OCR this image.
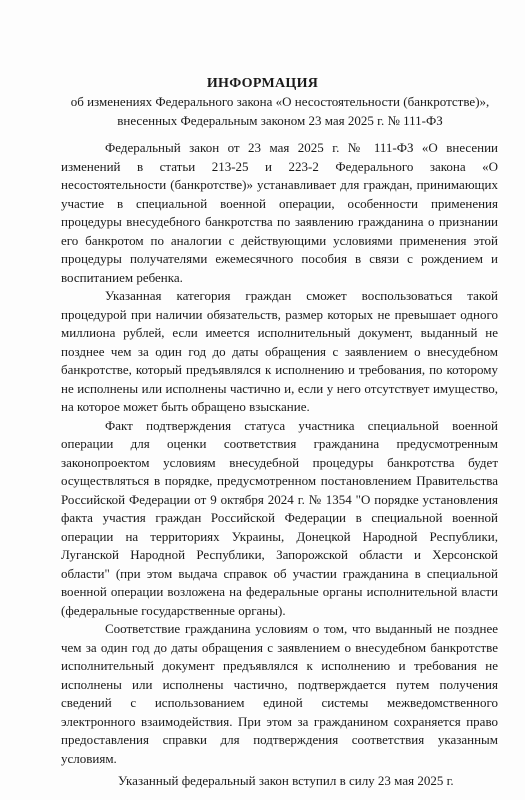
ИНФОРМАЦИЯ
об изменениях Федерального закона «О несостоятельности (банкротстве)», внесенных Федеральным законом 23 мая 2025 г. № 111-ФЗ

Федеральный закон от 23 мая 2025 г. № 111-ФЗ «О внесении изменений в статьи 213-25 и 223-2 Федерального закона «О несостоятельности (банкротстве)» устанавливает для граждан, принимающих участие в специальной военной операции, особенности применения процедуры внесудебного банкротства по заявлению гражданина о признании его банкротом по аналогии с действующими условиями применения этой процедуры получателями ежемесячного пособия в связи с рождением и воспитанием ребенка.

Указанная категория граждан сможет воспользоваться такой процедурой при наличии обязательств, размер которых не превышает одного миллиона рублей, если имеется исполнительный документ, выданный не позднее чем за один год до даты обращения с заявлением о внесудебном банкротстве, который предъявлялся к исполнению и требования, по которому не исполнены или исполнены частично и, если у него отсутствует имущество, на которое может быть обращено взыскание.

Факт подтверждения статуса участника специальной военной операции для оценки соответствия гражданина предусмотренным законопроектом условиям внесудебной процедуры банкротства будет осуществляться в порядке, предусмотренном постановлением Правительства Российской Федерации от 9 октября 2024 г. № 1354 "О порядке установления факта участия граждан Российской Федерации в специальной военной операции на территориях Украины, Донецкой Народной Республики, Луганской Народной Республики, Запорожской области и Херсонской области" (при этом выдача справок об участии гражданина в специальной военной операции возложена на федеральные органы исполнительной власти (федеральные государственные органы).

Соответствие гражданина условиям о том, что выданный не позднее чем за один год до даты обращения с заявлением о внесудебном банкротстве исполнительный документ предъявлялся к исполнению и требования не исполнены или исполнены частично, подтверждается путем получения сведений с использованием единой системы межведомственного электронного взаимодействия. При этом за гражданином сохраняется право предоставления справки для подтверждения соответствия указанным условиям.

Указанный федеральный закон вступил в силу 23 мая 2025 г.
